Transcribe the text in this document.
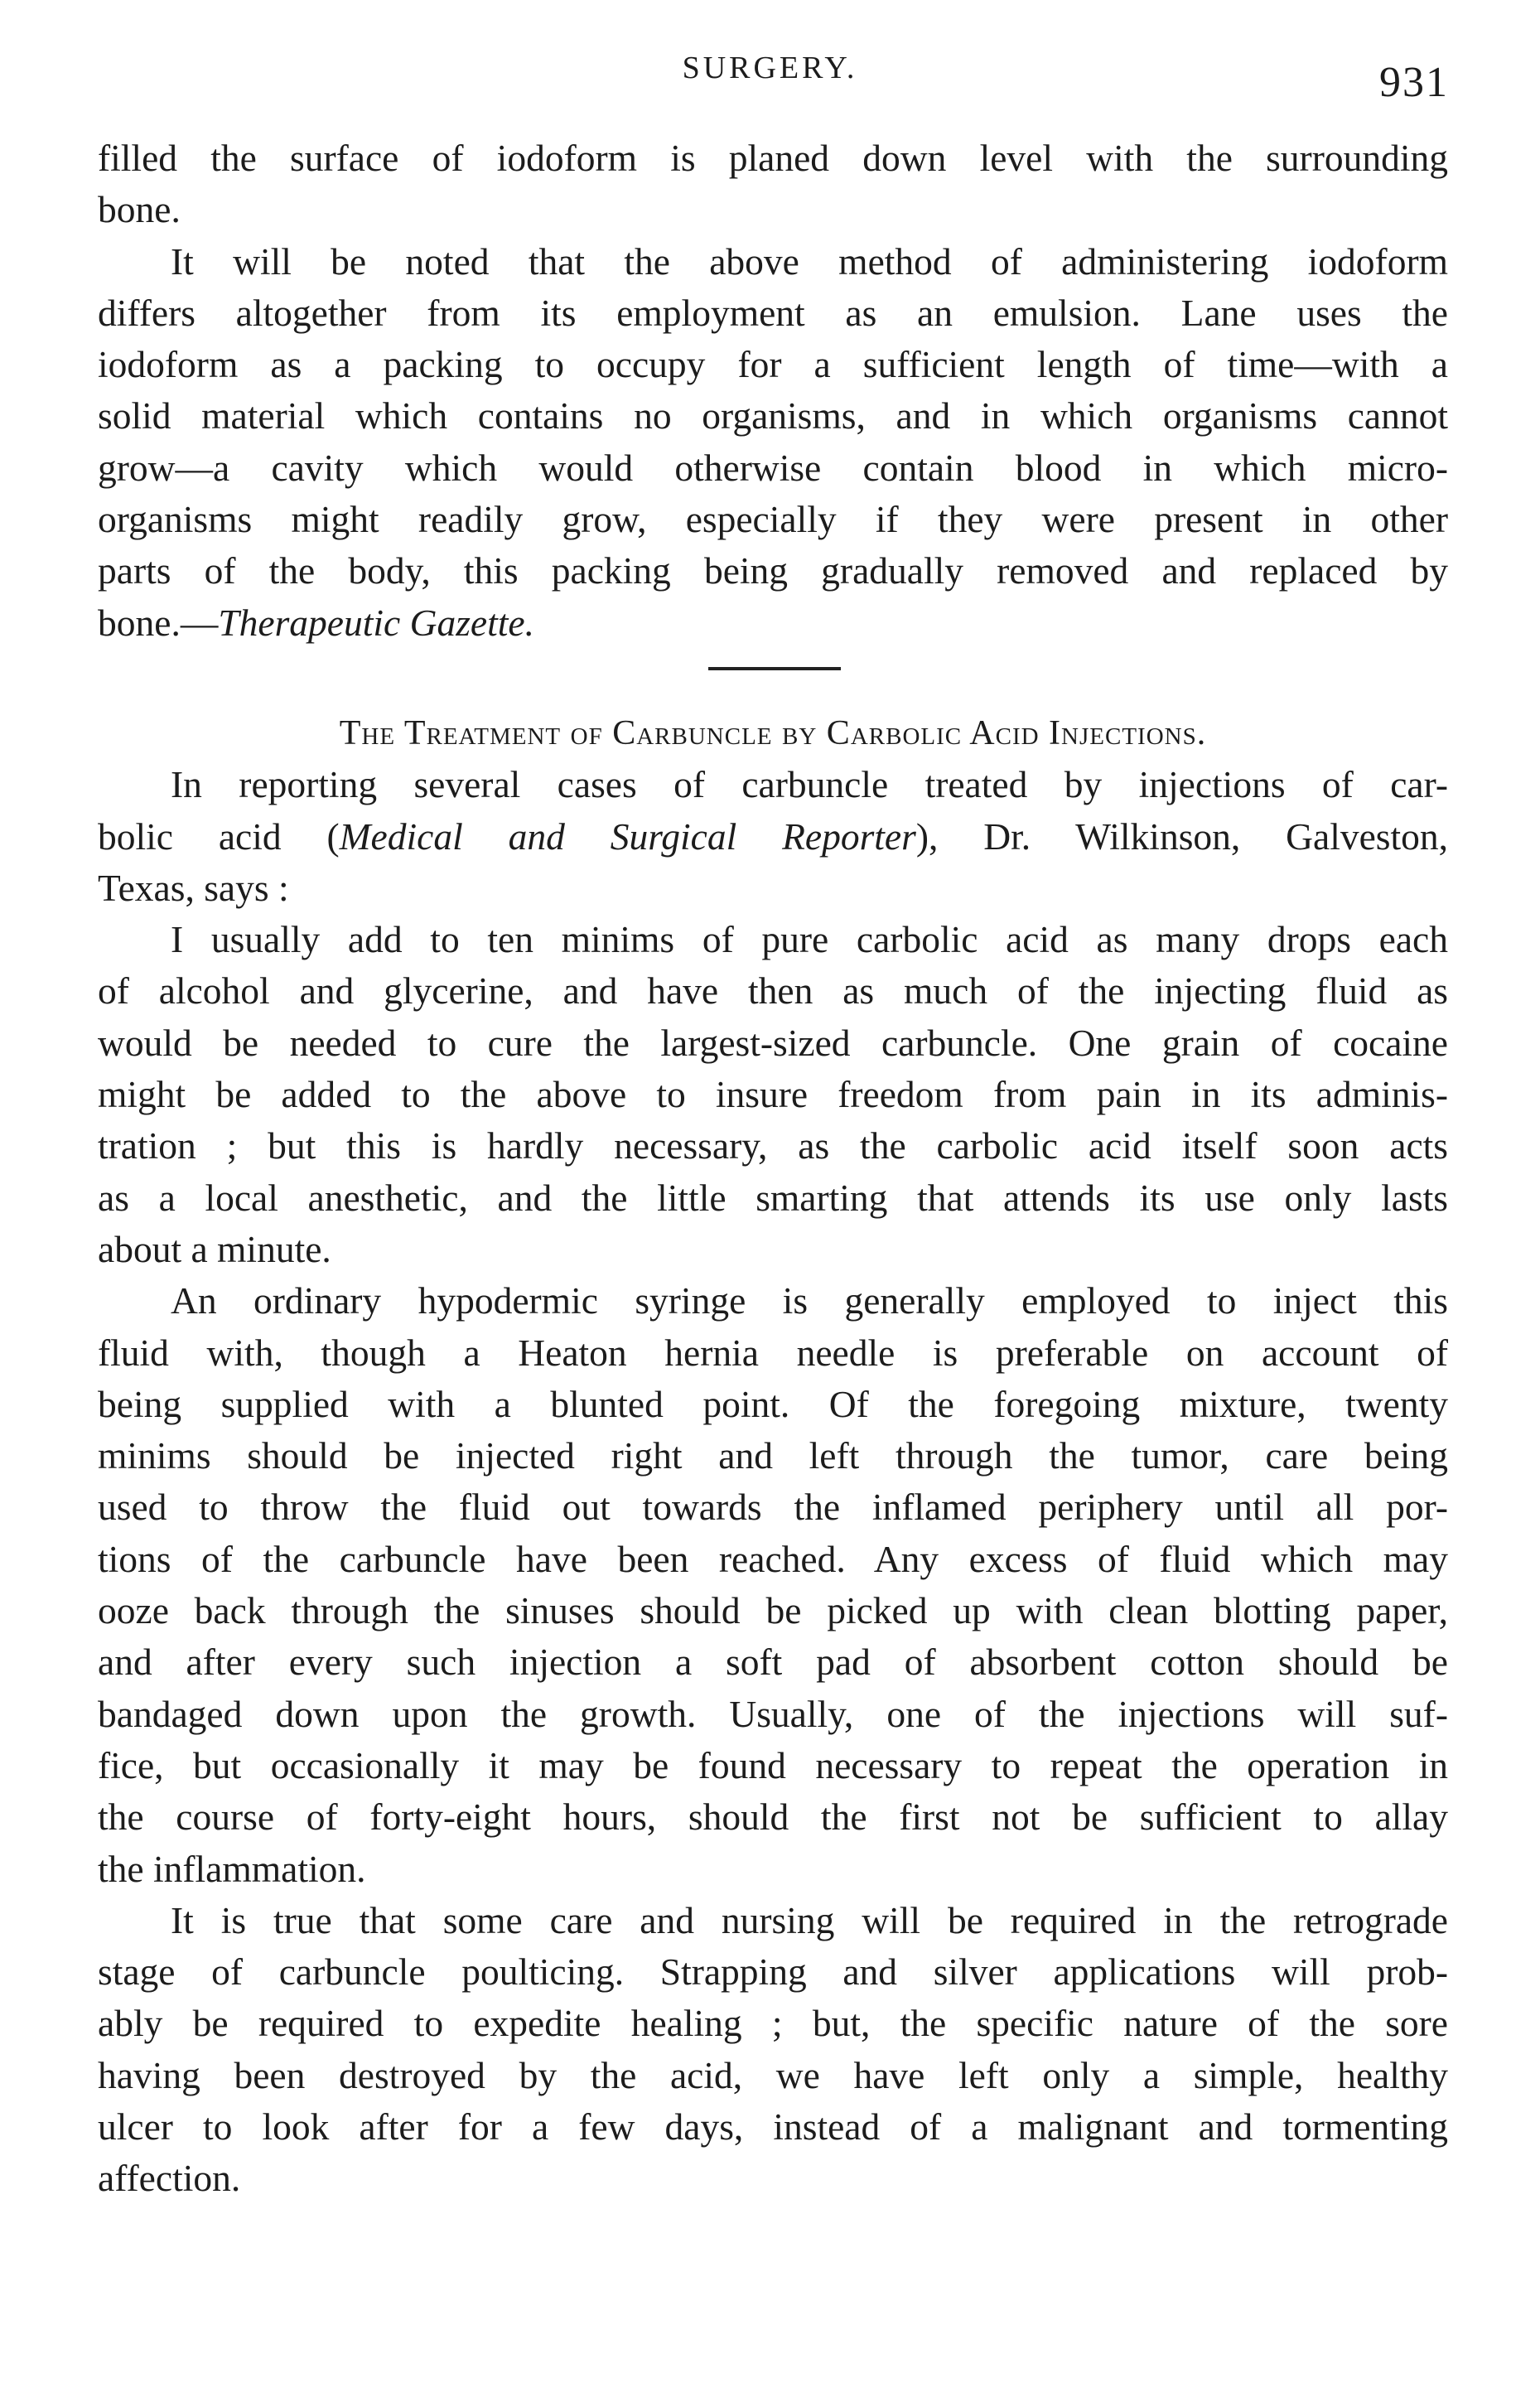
SURGERY.	931
filled the surface of iodoform is planed down level with the surrounding
bone.
It will be noted that the above method of administering iodoform
differs altogether from its employment as an emulsion. Lane uses the
iodoform as a packing to occupy for a sufficient length of time—with a
solid material which contains no organisms, and in which organisms cannot
grow—a cavity which would otherwise contain blood in which micro-
organisms might readily grow, especially if they were present in other
parts of the body, this packing being gradually removed and replaced by
bone.—Therapeutic Gazette.
The Treatment of Carbuncle by Carbolic Acid Injections.
In reporting several cases of carbuncle treated by injections of car-
bolic acid (Medical and Surgical Reporter), Dr. Wilkinson, Galveston,
Texas, says :
I usually add to ten minims of pure carbolic acid as many drops each
of alcohol and glycerine, and have then as much of the injecting fluid as
would be needed to cure the largest-sized carbuncle. One grain of cocaine
might be added to the above to insure freedom from pain in its adminis-
tration ; but this is hardly necessary, as the carbolic acid itself soon acts
as a local anesthetic, and the little smarting that attends its use only lasts
about a minute.
An ordinary hypodermic syringe is generally employed to inject this
fluid with, though a Heaton hernia needle is preferable on account of
being supplied with a blunted point. Of the foregoing mixture, twenty
minims should be injected right and left through the tumor, care being
used to throw the fluid out towards the inflamed periphery until all por-
tions of the carbuncle have been reached. Any excess of fluid which may
ooze back through the sinuses should be picked up with clean blotting paper,
and after every such injection a soft pad of absorbent cotton should be
bandaged down upon the growth. Usually, one of the injections will suf-
fice, but occasionally it may be found necessary to repeat the operation in
the course of forty-eight hours, should the first not be sufficient to allay
the inflammation.
It is true that some care and nursing will be required in the retrograde
stage of carbuncle poulticing. Strapping and silver applications will prob-
ably be required to expedite healing ; but, the specific nature of the sore
having been destroyed by the acid, we have left only a simple, healthy
ulcer to look after for a few days, instead of a malignant and tormenting
affection.
